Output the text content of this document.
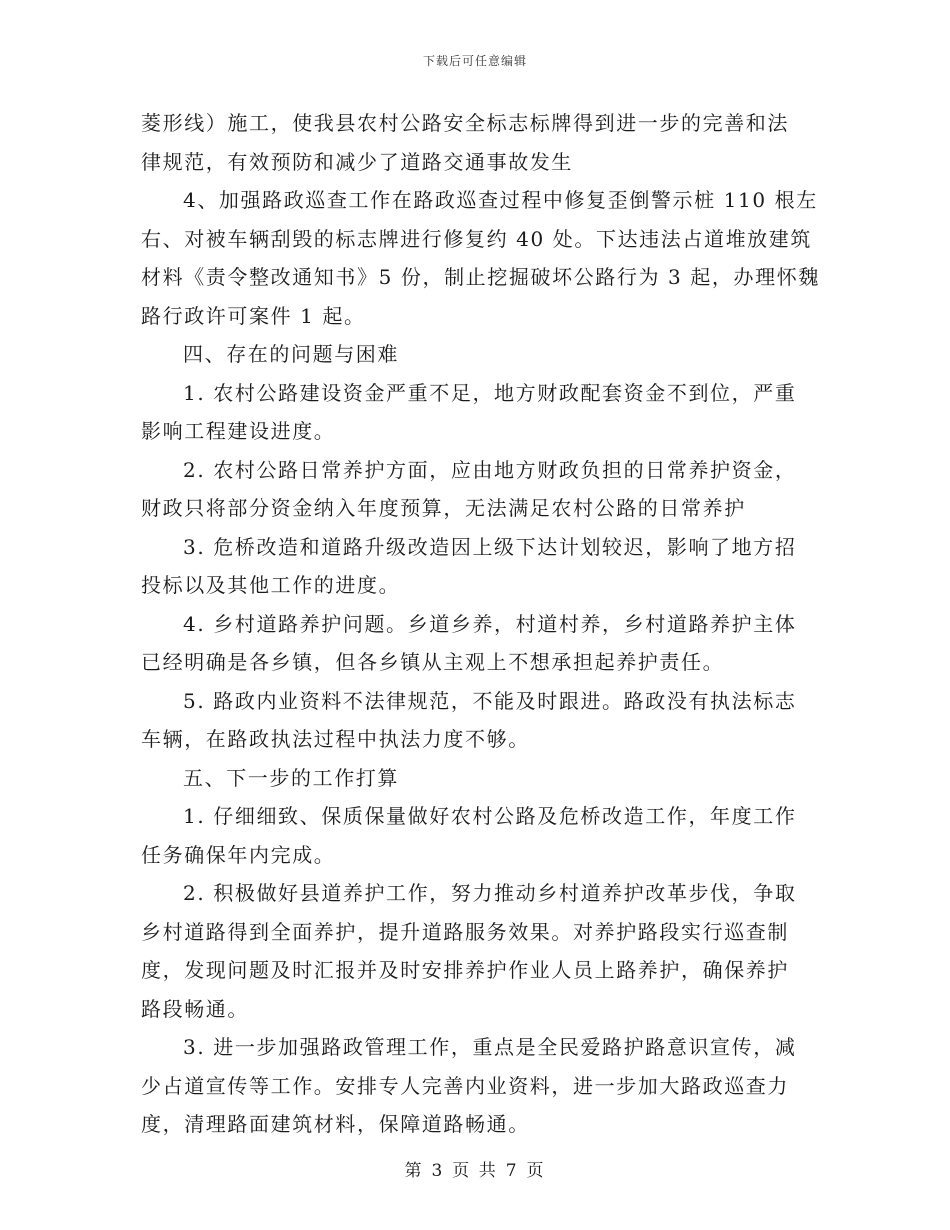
下载后可任意编辑
菱形线）施工，使我县农村公路安全标志标牌得到进一步的完善和法
律规范，有效预防和减少了道路交通事故发生
4、加强路政巡查工作在路政巡查过程中修复歪倒警示桩 110 根左
右、对被车辆刮毁的标志牌进行修复约 40 处。下达违法占道堆放建筑
材料《责令整改通知书》5 份，制止挖掘破坏公路行为 3 起，办理怀魏
路行政许可案件 1 起。
四、存在的问题与困难
1. 农村公路建设资金严重不足，地方财政配套资金不到位，严重
影响工程建设进度。
2. 农村公路日常养护方面，应由地方财政负担的日常养护资金，
财政只将部分资金纳入年度预算，无法满足农村公路的日常养护
3. 危桥改造和道路升级改造因上级下达计划较迟，影响了地方招
投标以及其他工作的进度。
4. 乡村道路养护问题。乡道乡养，村道村养，乡村道路养护主体
已经明确是各乡镇，但各乡镇从主观上不想承担起养护责任。
5. 路政内业资料不法律规范，不能及时跟进。路政没有执法标志
车辆，在路政执法过程中执法力度不够。
五、下一步的工作打算
1. 仔细细致、保质保量做好农村公路及危桥改造工作，年度工作
任务确保年内完成。
2. 积极做好县道养护工作，努力推动乡村道养护改革步伐，争取
乡村道路得到全面养护，提升道路服务效果。对养护路段实行巡查制
度，发现问题及时汇报并及时安排养护作业人员上路养护，确保养护
路段畅通。
3. 进一步加强路政管理工作，重点是全民爱路护路意识宣传，减
少占道宣传等工作。安排专人完善内业资料，进一步加大路政巡查力
度，清理路面建筑材料，保障道路畅通。
第 3 页 共 7 页
